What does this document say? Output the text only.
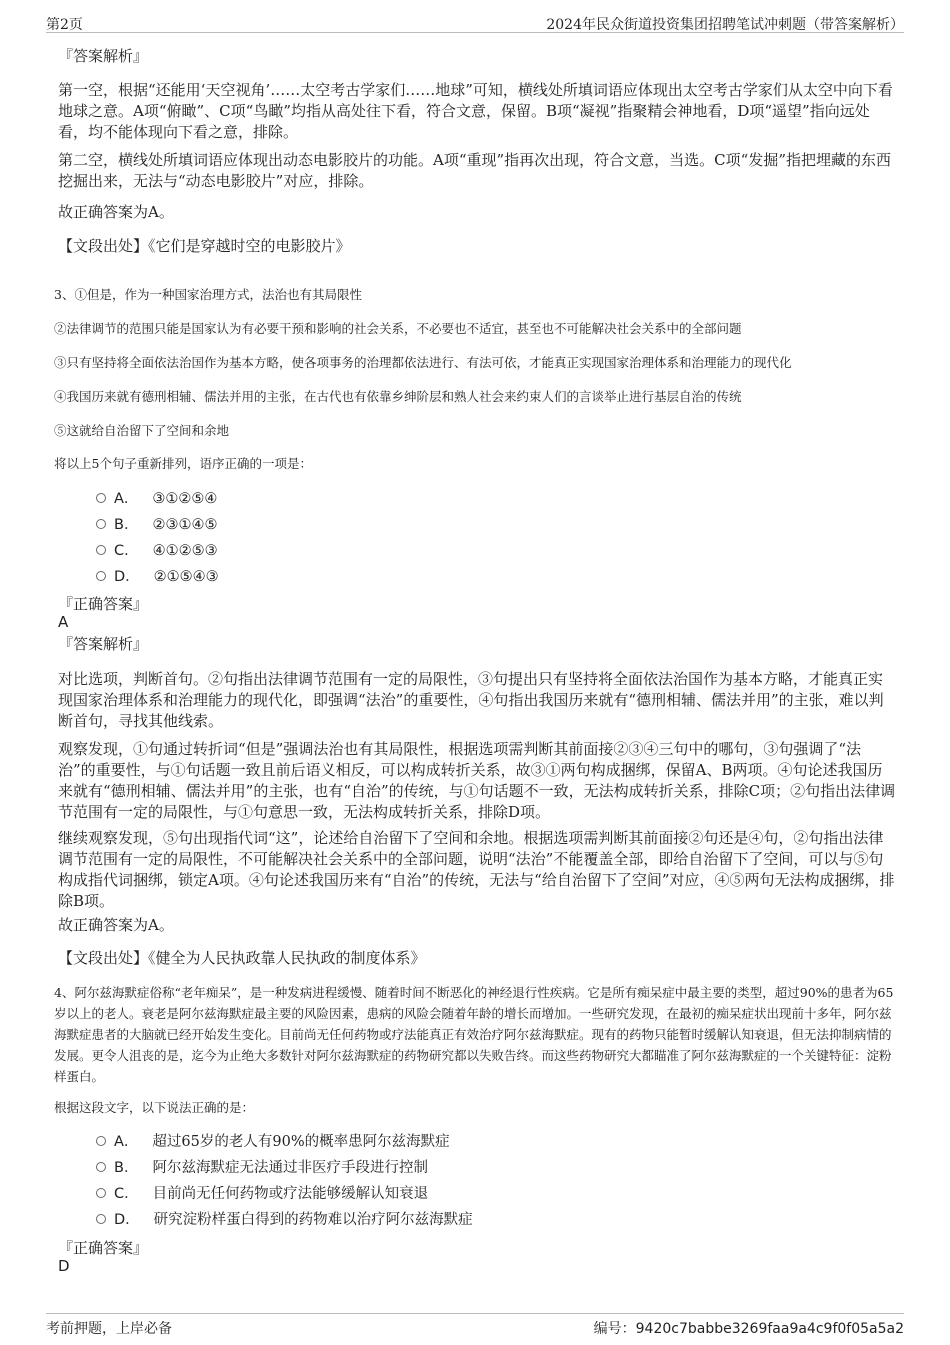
第2页	2024年民众街道投资集团招聘笔试冲刺题（带答案解析）

『答案解析』

第一空，根据“还能用‘天空视角’……太空考古学家们……地球”可知，横线处所填词语应体现出太空考古学家们从太空中向下看地球之意。A项“俯瞰”、C项“鸟瞰”均指从高处往下看，符合文意，保留。B项“凝视”指聚精会神地看，D项“遥望”指向远处看，均不能体现向下看之意，排除。

第二空，横线处所填词语应体现出动态电影胶片的功能。A项“重现”指再次出现，符合文意，当选。C项“发掘”指把埋藏的东西挖掘出来，无法与“动态电影胶片”对应，排除。

故正确答案为A。

【文段出处】《它们是穿越时空的电影胶片》

3、①但是，作为一种国家治理方式，法治也有其局限性

②法律调节的范围只能是国家认为有必要干预和影响的社会关系，不必要也不适宜，甚至也不可能解决社会关系中的全部问题

③只有坚持将全面依法治国作为基本方略，使各项事务的治理都依法进行、有法可依，才能真正实现国家治理体系和治理能力的现代化

④我国历来就有德刑相辅、儒法并用的主张，在古代也有依靠乡绅阶层和熟人社会来约束人们的言谈举止进行基层自治的传统

⑤这就给自治留下了空间和余地

将以上5个句子重新排列，语序正确的一项是：

A． ③①②⑤④
B． ②③①④⑤
C． ④①②⑤③
D． ②①⑤④③

『正确答案』

A

『答案解析』

对比选项，判断首句。②句指出法律调节范围有一定的局限性，③句提出只有坚持将全面依法治国作为基本方略，才能真正实现国家治理体系和治理能力的现代化，即强调“法治”的重要性，④句指出我国历来就有“德刑相辅、儒法并用”的主张，难以判断首句，寻找其他线索。

观察发现，①句通过转折词“但是”强调法治也有其局限性，根据选项需判断其前面接②③④三句中的哪句，③句强调了“法治”的重要性，与①句话题一致且前后语义相反，可以构成转折关系，故③①两句构成捆绑，保留A、B两项。④句论述我国历来就有“德刑相辅、儒法并用”的主张，也有“自治”的传统，与①句话题不一致，无法构成转折关系，排除C项；②句指出法律调节范围有一定的局限性，与①句意思一致，无法构成转折关系，排除D项。

继续观察发现，⑤句出现指代词“这”，论述给自治留下了空间和余地。根据选项需判断其前面接②句还是④句，②句指出法律调节范围有一定的局限性，不可能解决社会关系中的全部问题，说明“法治”不能覆盖全部，即给自治留下了空间，可以与⑤句构成指代词捆绑，锁定A项。④句论述我国历来有“自治”的传统，无法与“给自治留下了空间”对应，④⑤两句无法构成捆绑，排除B项。

故正确答案为A。

【文段出处】《健全为人民执政靠人民执政的制度体系》

4、阿尔兹海默症俗称“老年痴呆”，是一种发病进程缓慢、随着时间不断恶化的神经退行性疾病。它是所有痴呆症中最主要的类型，超过90%的患者为65岁以上的老人。衰老是阿尔兹海默症最主要的风险因素，患病的风险会随着年龄的增长而增加。一些研究发现，在最初的痴呆症状出现前十多年，阿尔兹海默症患者的大脑就已经开始发生变化。目前尚无任何药物或疗法能真正有效治疗阿尔兹海默症。现有的药物只能暂时缓解认知衰退，但无法抑制病情的发展。更令人沮丧的是，迄今为止绝大多数针对阿尔兹海默症的药物研究都以失败告终。而这些药物研究大都瞄准了阿尔兹海默症的一个关键特征：淀粉样蛋白。

根据这段文字，以下说法正确的是：

A． 超过65岁的老人有90%的概率患阿尔兹海默症
B． 阿尔兹海默症无法通过非医疗手段进行控制
C． 目前尚无任何药物或疗法能够缓解认知衰退
D． 研究淀粉样蛋白得到的药物难以治疗阿尔兹海默症

『正确答案』

D

考前押题，上岸必备	编号：9420c7babbe3269faa9a4c9f0f05a5a2
